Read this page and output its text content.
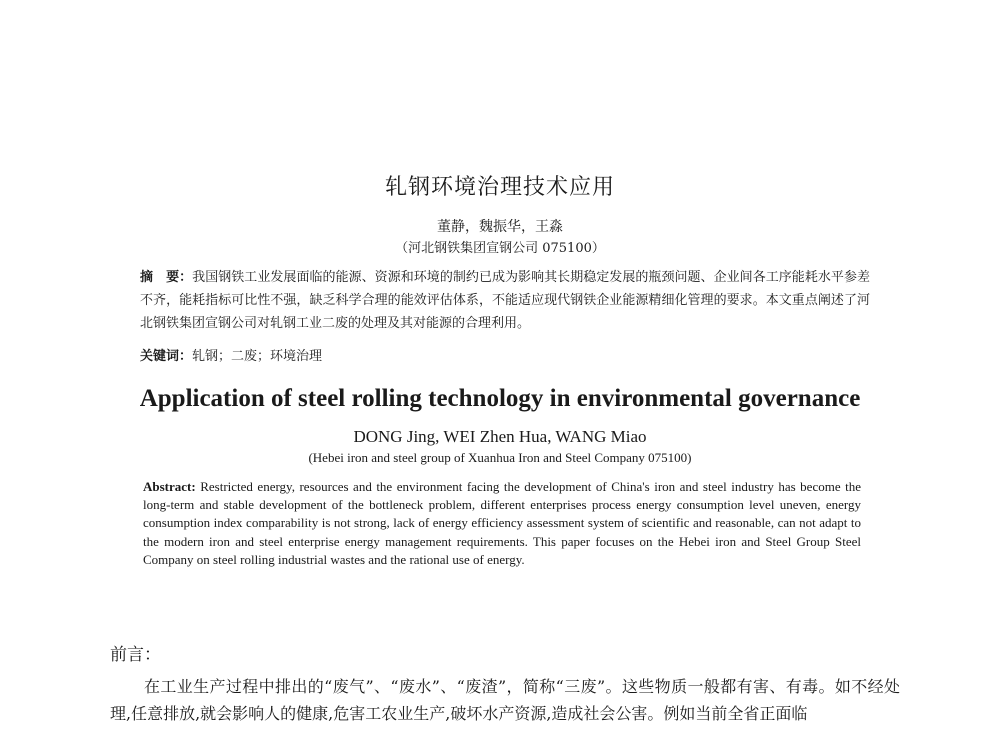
轧钢环境治理技术应用
董静，魏振华，王淼
（河北钢铁集团宣钢公司 075100）
摘　要：我国钢铁工业发展面临的能源、资源和环境的制约已成为影响其长期稳定发展的瓶颈问题、企业间各工序能耗水平参差不齐，能耗指标可比性不强，缺乏科学合理的能效评估体系，不能适应现代钢铁企业能源精细化管理的要求。本文重点阐述了河北钢铁集团宣钢公司对轧钢工业二废的处理及其对能源的合理利用。
关键词：轧钢；二废；环境治理
Application of steel rolling technology in environmental governance
DONG Jing, WEI Zhen Hua, WANG Miao
(Hebei iron and steel group of Xuanhua Iron and Steel Company 075100)
Abstract: Restricted energy, resources and the environment facing the development of China's iron and steel industry has become the long-term and stable development of the bottleneck problem, different enterprises process energy consumption level uneven, energy consumption index comparability is not strong, lack of energy efficiency assessment system of scientific and reasonable, can not adapt to the modern iron and steel enterprise energy management requirements. This paper focuses on the Hebei iron and Steel Group Steel Company on steel rolling industrial wastes and the rational use of energy.
前言：
在工业生产过程中排出的“废气”、“废水”、“废渣”，简称“三废”。这些物质一般都有害、有毒。如不经处理,任意排放,就会影响人的健康,危害工农业生产,破坏水产资源,造成社会公害。例如当前全省正面临
